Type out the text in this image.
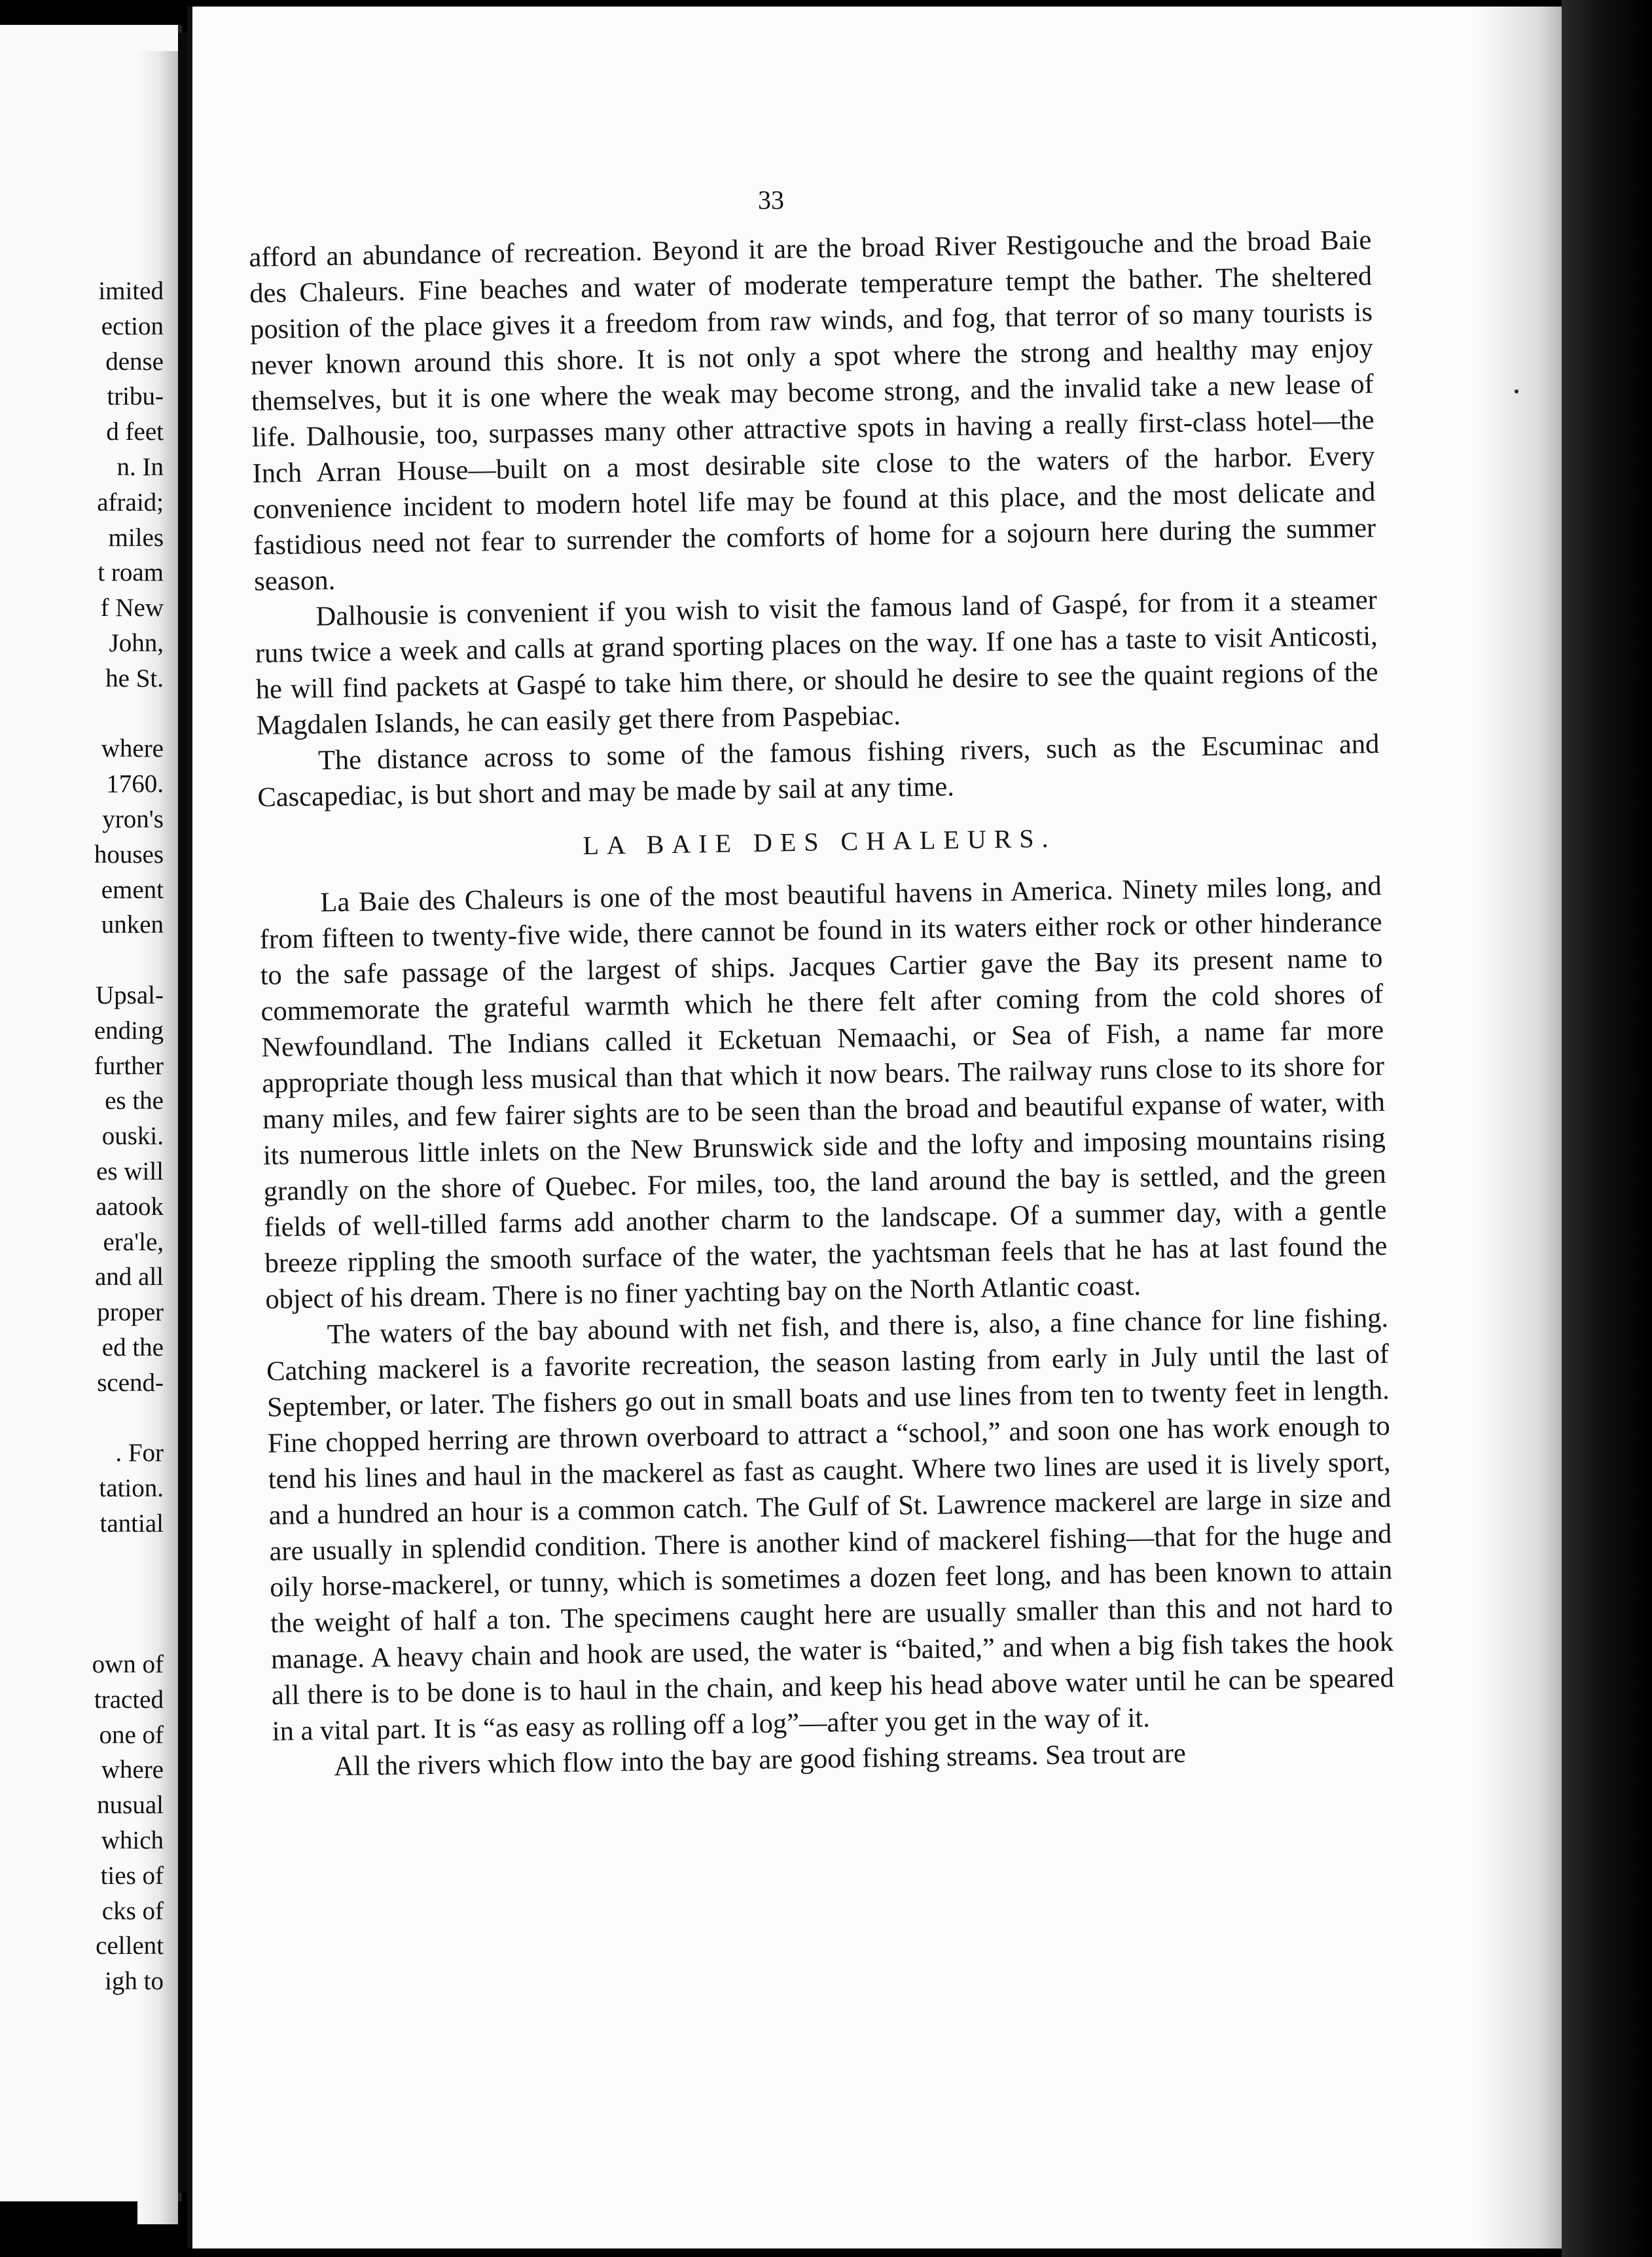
imited
ection
dense
tribu-
d feet
n. In
afraid;
miles
t roam
f New
John,
he St.
where
1760.
yron's
houses
ement
unken
Upsal-
ending
further
es the
ouski.
es will
aatook
era'le,
and all
proper
ed the
scend-
. For
tation.
tantial
own of
tracted
one of
where
nusual
which
ties of
cks of
cellent
igh to
33

afford an abundance of recreation. Beyond it are the broad River Restigouche and the broad Baie des Chaleurs. Fine beaches and water of moderate temperature tempt the bather. The sheltered position of the place gives it a freedom from raw winds, and fog, that terror of so many tourists is never known around this shore. It is not only a spot where the strong and healthy may enjoy themselves, but it is one where the weak may become strong, and the invalid take a new lease of life. Dalhousie, too, surpasses many other attractive spots in having a really first-class hotel—the Inch Arran House—built on a most desirable site close to the waters of the harbor. Every convenience incident to modern hotel life may be found at this place, and the most delicate and fastidious need not fear to surrender the comforts of home for a sojourn here during the summer season.

Dalhousie is convenient if you wish to visit the famous land of Gaspé, for from it a steamer runs twice a week and calls at grand sporting places on the way. If one has a taste to visit Anticosti, he will find packets at Gaspé to take him there, or should he desire to see the quaint regions of the Magdalen Islands, he can easily get there from Paspebiac.

The distance across to some of the famous fishing rivers, such as the Escuminac and Cascapediac, is but short and may be made by sail at any time.

LA BAIE DES CHALEURS.

La Baie des Chaleurs is one of the most beautiful havens in America. Ninety miles long, and from fifteen to twenty-five wide, there cannot be found in its waters either rock or other hinderance to the safe passage of the largest of ships. Jacques Cartier gave the Bay its present name to commemorate the grateful warmth which he there felt after coming from the cold shores of Newfoundland. The Indians called it Ecketuan Nemaachi, or Sea of Fish, a name far more appropriate though less musical than that which it now bears. The railway runs close to its shore for many miles, and few fairer sights are to be seen than the broad and beautiful expanse of water, with its numerous little inlets on the New Brunswick side and the lofty and imposing mountains rising grandly on the shore of Quebec. For miles, too, the land around the bay is settled, and the green fields of well-tilled farms add another charm to the landscape. Of a summer day, with a gentle breeze rippling the smooth surface of the water, the yachtsman feels that he has at last found the object of his dream. There is no finer yachting bay on the North Atlantic coast.

The waters of the bay abound with net fish, and there is, also, a fine chance for line fishing. Catching mackerel is a favorite recreation, the season lasting from early in July until the last of September, or later. The fishers go out in small boats and use lines from ten to twenty feet in length. Fine chopped herring are thrown overboard to attract a “school,” and soon one has work enough to tend his lines and haul in the mackerel as fast as caught. Where two lines are used it is lively sport, and a hundred an hour is a common catch. The Gulf of St. Lawrence mackerel are large in size and are usually in splendid condition. There is another kind of mackerel fishing—that for the huge and oily horse-mackerel, or tunny, which is sometimes a dozen feet long, and has been known to attain the weight of half a ton. The specimens caught here are usually smaller than this and not hard to manage. A heavy chain and hook are used, the water is “baited,” and when a big fish takes the hook all there is to be done is to haul in the chain, and keep his head above water until he can be speared in a vital part. It is “as easy as rolling off a log”—after you get in the way of it.

All the rivers which flow into the bay are good fishing streams. Sea trout are
